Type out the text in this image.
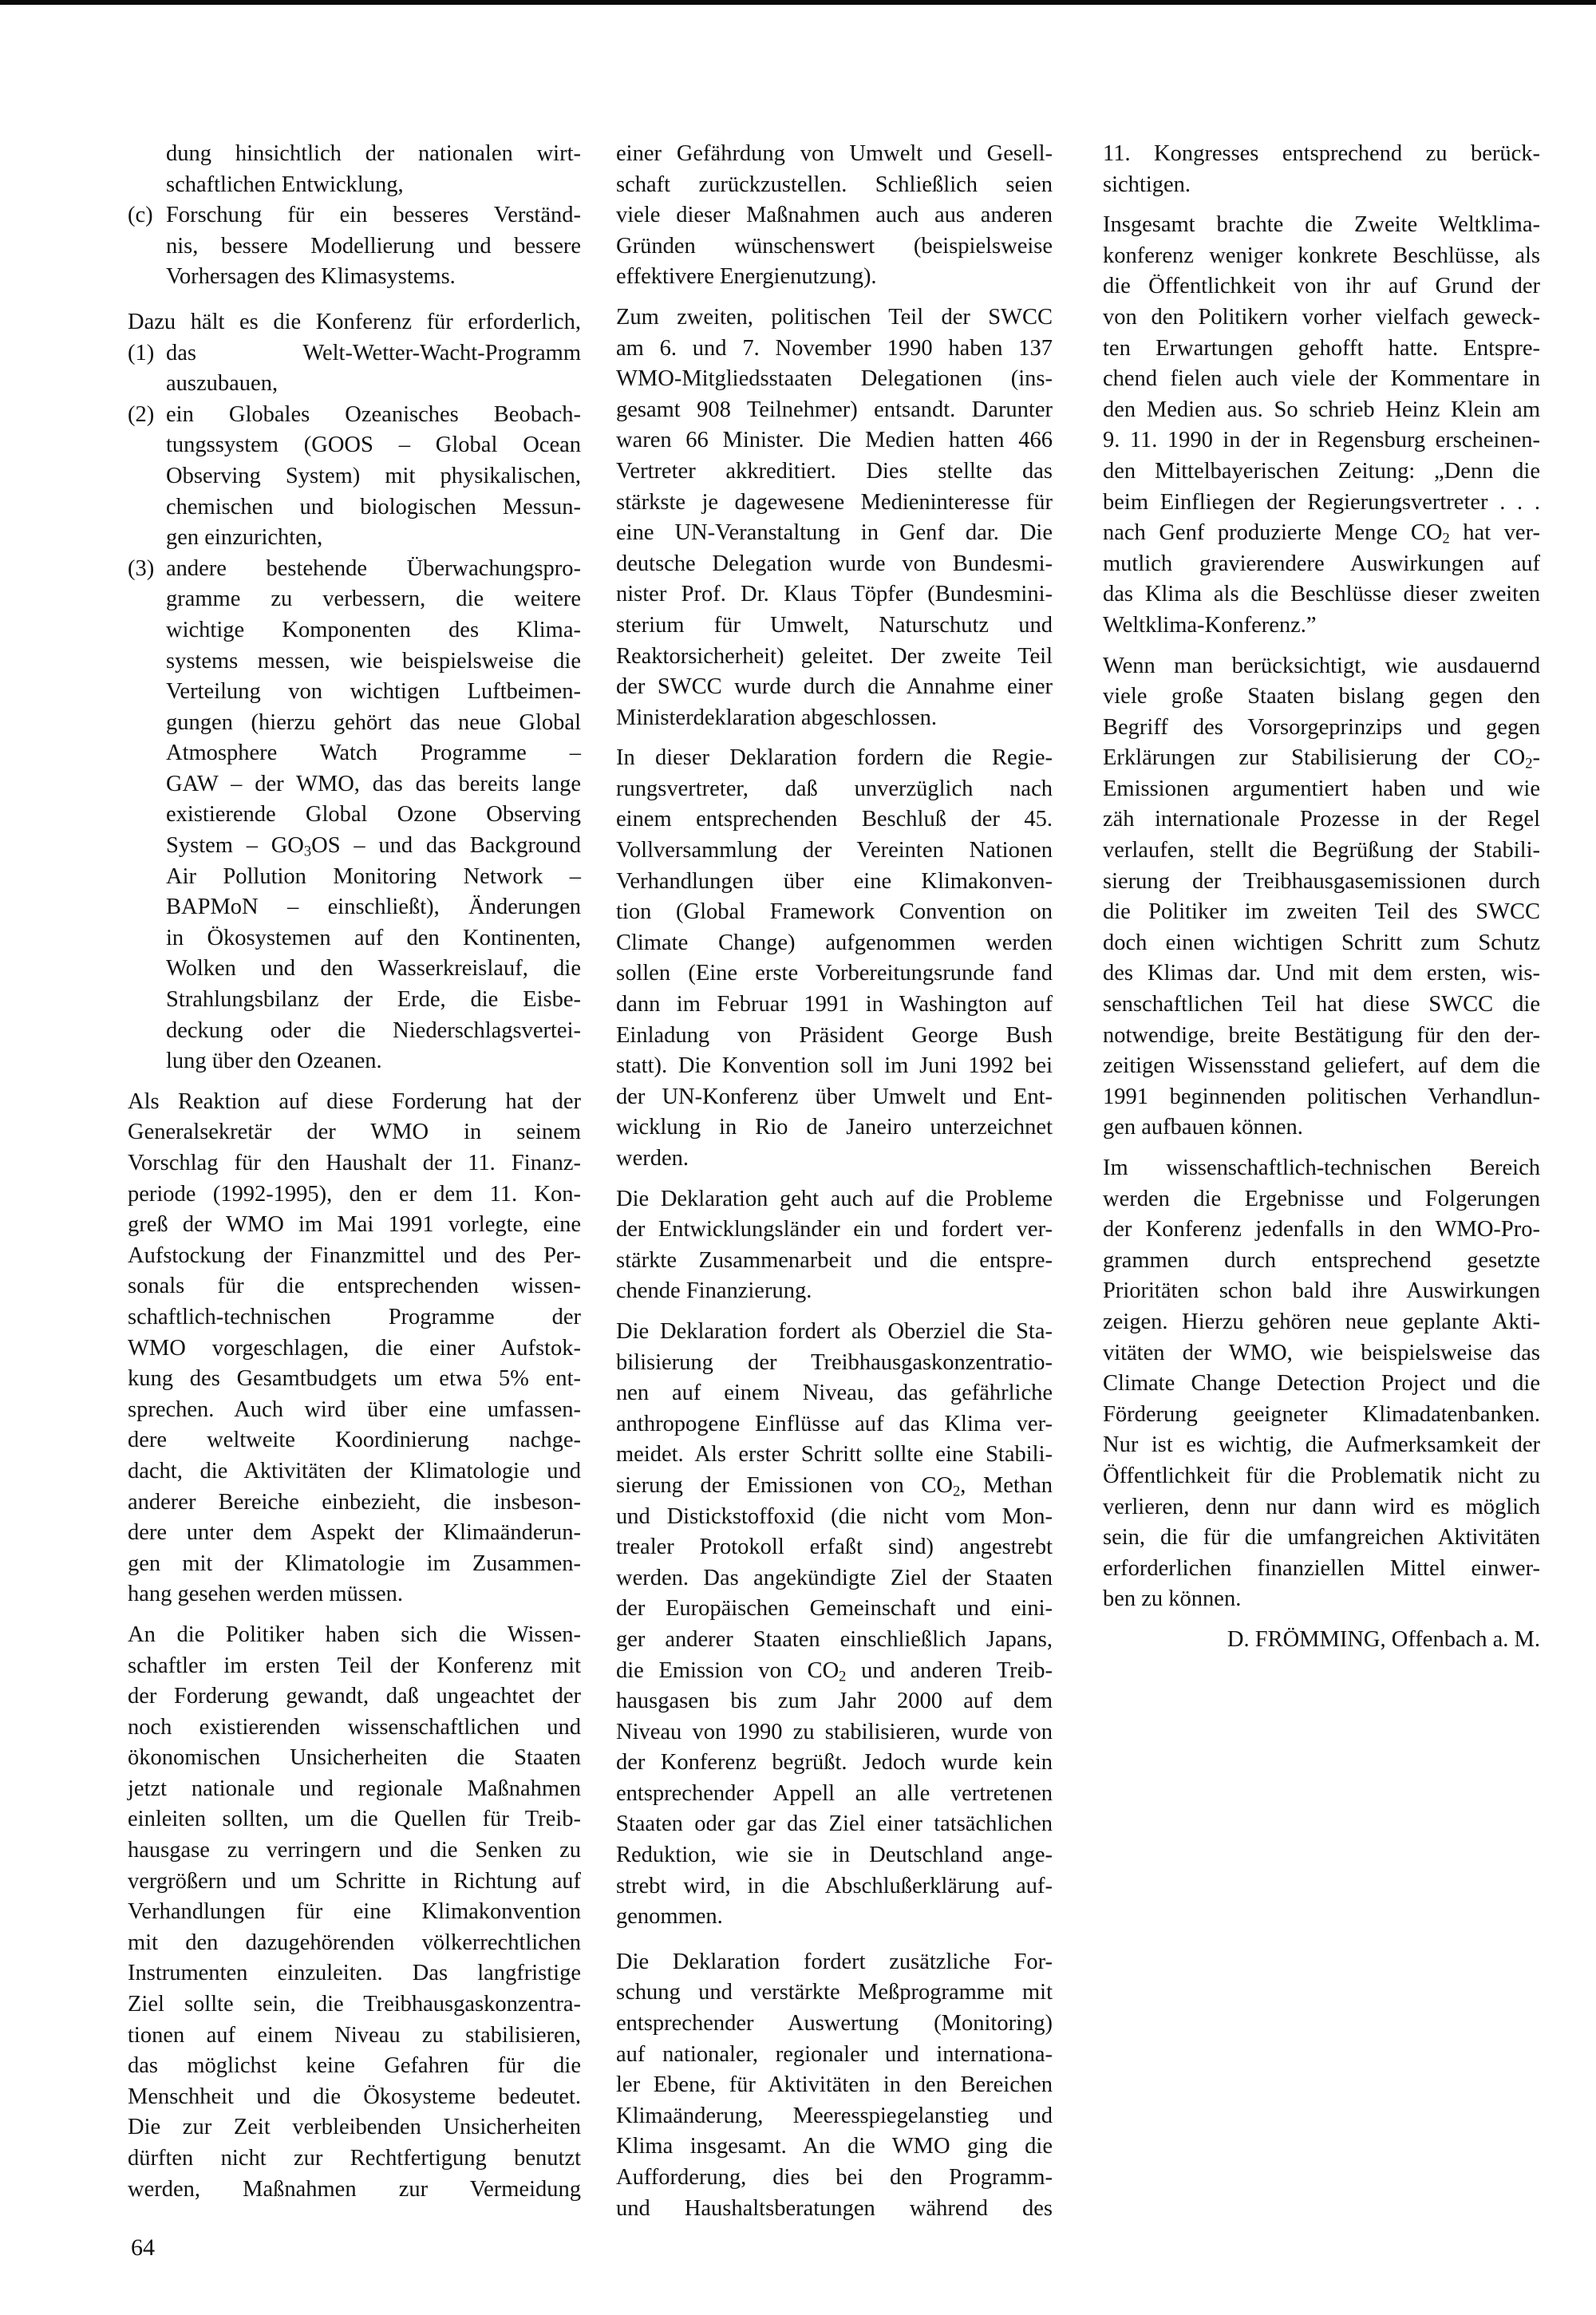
dung hinsichtlich der nationalen wirt-
schaftlichen Entwicklung,
(c) Forschung für ein besseres Verständ-
nis, bessere Modellierung und bessere
Vorhersagen des Klimasystems.
Dazu hält es die Konferenz für erforderlich,
(1) das Welt-Wetter-Wacht-Programm
auszubauen,
(2) ein Globales Ozeanisches Beobach-
tungssystem (GOOS – Global Ocean
Observing System) mit physikalischen,
chemischen und biologischen Messun-
gen einzurichten,
(3) andere bestehende Überwachungspro-
gramme zu verbessern, die weitere
wichtige Komponenten des Klima-
systems messen, wie beispielsweise die
Verteilung von wichtigen Luftbeimen-
gungen (hierzu gehört das neue Global
Atmosphere Watch Programme –
GAW – der WMO, das das bereits lange
existierende Global Ozone Observing
System – $GO_3OS$ – und das Background
Air Pollution Monitoring Network –
BAPMoN – einschließt), Änderungen
in Ökosystemen auf den Kontinenten,
Wolken und den Wasserkreislauf, die
Strahlungsbilanz der Erde, die Eisbe-
deckung oder die Niederschlagsvertei-
lung über den Ozeanen.
Als Reaktion auf diese Forderung hat der
Generalsekretär der WMO in seinem
Vorschlag für den Haushalt der 11. Finanz-
periode (1992-1995), den er dem 11. Kon-
greß der WMO im Mai 1991 vorlegte, eine
Aufstockung der Finanzmittel und des Per-
sonals für die entsprechenden wissen-
schaftlich-technischen Programme der
WMO vorgeschlagen, die einer Aufstok-
kung des Gesamtbudgets um etwa 5% ent-
sprechen. Auch wird über eine umfassen-
dere weltweite Koordinierung nachge-
dacht, die Aktivitäten der Klimatologie und
anderer Bereiche einbezieht, die insbeson-
dere unter dem Aspekt der Klimaänderun-
gen mit der Klimatologie im Zusammen-
hang gesehen werden müssen.
An die Politiker haben sich die Wissen-
schaftler im ersten Teil der Konferenz mit
der Forderung gewandt, daß ungeachtet der
noch existierenden wissenschaftlichen und
ökonomischen Unsicherheiten die Staaten
jetzt nationale und regionale Maßnahmen
einleiten sollten, um die Quellen für Treib-
hausgase zu verringern und die Senken zu
vergrößern und um Schritte in Richtung auf
Verhandlungen für eine Klimakonvention
mit den dazugehörenden völkerrechtlichen
Instrumenten einzuleiten. Das langfristige
Ziel sollte sein, die Treibhausgaskonzentra-
tionen auf einem Niveau zu stabilisieren,
das möglichst keine Gefahren für die
Menschheit und die Ökosysteme bedeutet.
Die zur Zeit verbleibenden Unsicherheiten
dürften nicht zur Rechtfertigung benutzt
werden, Maßnahmen zur Vermeidung
einer Gefährdung von Umwelt und Gesell-
schaft zurückzustellen. Schließlich seien
viele dieser Maßnahmen auch aus anderen
Gründen wünschenswert (beispielsweise
effektivere Energienutzung).
Zum zweiten, politischen Teil der SWCC
am 6. und 7. November 1990 haben 137
WMO-Mitgliedsstaaten Delegationen (ins-
gesamt 908 Teilnehmer) entsandt. Darunter
waren 66 Minister. Die Medien hatten 466
Vertreter akkreditiert. Dies stellte das
stärkste je dagewesene Medieninteresse für
eine UN-Veranstaltung in Genf dar. Die
deutsche Delegation wurde von Bundesmi-
nister Prof. Dr. Klaus Töpfer (Bundesmini-
sterium für Umwelt, Naturschutz und
Reaktorsicherheit) geleitet. Der zweite Teil
der SWCC wurde durch die Annahme einer
Ministerdeklaration abgeschlossen.
In dieser Deklaration fordern die Regie-
rungsvertreter, daß unverzüglich nach
einem entsprechenden Beschluß der 45.
Vollversammlung der Vereinten Nationen
Verhandlungen über eine Klimakonven-
tion (Global Framework Convention on
Climate Change) aufgenommen werden
sollen (Eine erste Vorbereitungsrunde fand
dann im Februar 1991 in Washington auf
Einladung von Präsident George Bush
statt). Die Konvention soll im Juni 1992 bei
der UN-Konferenz über Umwelt und Ent-
wicklung in Rio de Janeiro unterzeichnet
werden.
Die Deklaration geht auch auf die Probleme
der Entwicklungsländer ein und fordert ver-
stärkte Zusammenarbeit und die entspre-
chende Finanzierung.
Die Deklaration fordert als Oberziel die Sta-
bilisierung der Treibhausgaskonzentratio-
nen auf einem Niveau, das gefährliche
anthropogene Einflüsse auf das Klima ver-
meidet. Als erster Schritt sollte eine Stabili-
sierung der Emissionen von $CO_2$, Methan
und Distickstoffoxid (die nicht vom Mon-
trealer Protokoll erfaßt sind) angestrebt
werden. Das angekündigte Ziel der Staaten
der Europäischen Gemeinschaft und eini-
ger anderer Staaten einschließlich Japans,
die Emission von $CO_2$ und anderen Treib-
hausgasen bis zum Jahr 2000 auf dem
Niveau von 1990 zu stabilisieren, wurde von
der Konferenz begrüßt. Jedoch wurde kein
entsprechender Appell an alle vertretenen
Staaten oder gar das Ziel einer tatsächlichen
Reduktion, wie sie in Deutschland ange-
strebt wird, in die Abschlußerklärung auf-
genommen.
Die Deklaration fordert zusätzliche For-
schung und verstärkte Meßprogramme mit
entsprechender Auswertung (Monitoring)
auf nationaler, regionaler und internationa-
ler Ebene, für Aktivitäten in den Bereichen
Klimaänderung, Meeresspiegelanstieg und
Klima insgesamt. An die WMO ging die
Aufforderung, dies bei den Programm-
und Haushaltsberatungen während des
11. Kongresses entsprechend zu berück-
sichtigen.
Insgesamt brachte die Zweite Weltklima-
konferenz weniger konkrete Beschlüsse, als
die Öffentlichkeit von ihr auf Grund der
von den Politikern vorher vielfach geweck-
ten Erwartungen gehofft hatte. Entspre-
chend fielen auch viele der Kommentare in
den Medien aus. So schrieb Heinz Klein am
9. 11. 1990 in der in Regensburg erscheinen-
den Mittelbayerischen Zeitung: „Denn die
beim Einfliegen der Regierungsvertreter . . .
nach Genf produzierte Menge $CO_2$ hat ver-
mutlich gravierendere Auswirkungen auf
das Klima als die Beschlüsse dieser zweiten
Weltklima-Konferenz.”
Wenn man berücksichtigt, wie ausdauernd
viele große Staaten bislang gegen den
Begriff des Vorsorgeprinzips und gegen
Erklärungen zur Stabilisierung der $CO_2-$
Emissionen argumentiert haben und wie
zäh internationale Prozesse in der Regel
verlaufen, stellt die Begrüßung der Stabili-
sierung der Treibhausgasemissionen durch
die Politiker im zweiten Teil des SWCC
doch einen wichtigen Schritt zum Schutz
des Klimas dar. Und mit dem ersten, wis-
senschaftlichen Teil hat diese SWCC die
notwendige, breite Bestätigung für den der-
zeitigen Wissensstand geliefert, auf dem die
1991 beginnenden politischen Verhandlun-
gen aufbauen können.
Im wissenschaftlich-technischen Bereich
werden die Ergebnisse und Folgerungen
der Konferenz jedenfalls in den WMO-Pro-
grammen durch entsprechend gesetzte
Prioritäten schon bald ihre Auswirkungen
zeigen. Hierzu gehören neue geplante Akti-
vitäten der WMO, wie beispielsweise das
Climate Change Detection Project und die
Förderung geeigneter Klimadatenbanken.
Nur ist es wichtig, die Aufmerksamkeit der
Öffentlichkeit für die Problematik nicht zu
verlieren, denn nur dann wird es möglich
sein, die für die umfangreichen Aktivitäten
erforderlichen finanziellen Mittel einwer-
ben zu können.
D. FRÖMMING, Offenbach a. M.
64
